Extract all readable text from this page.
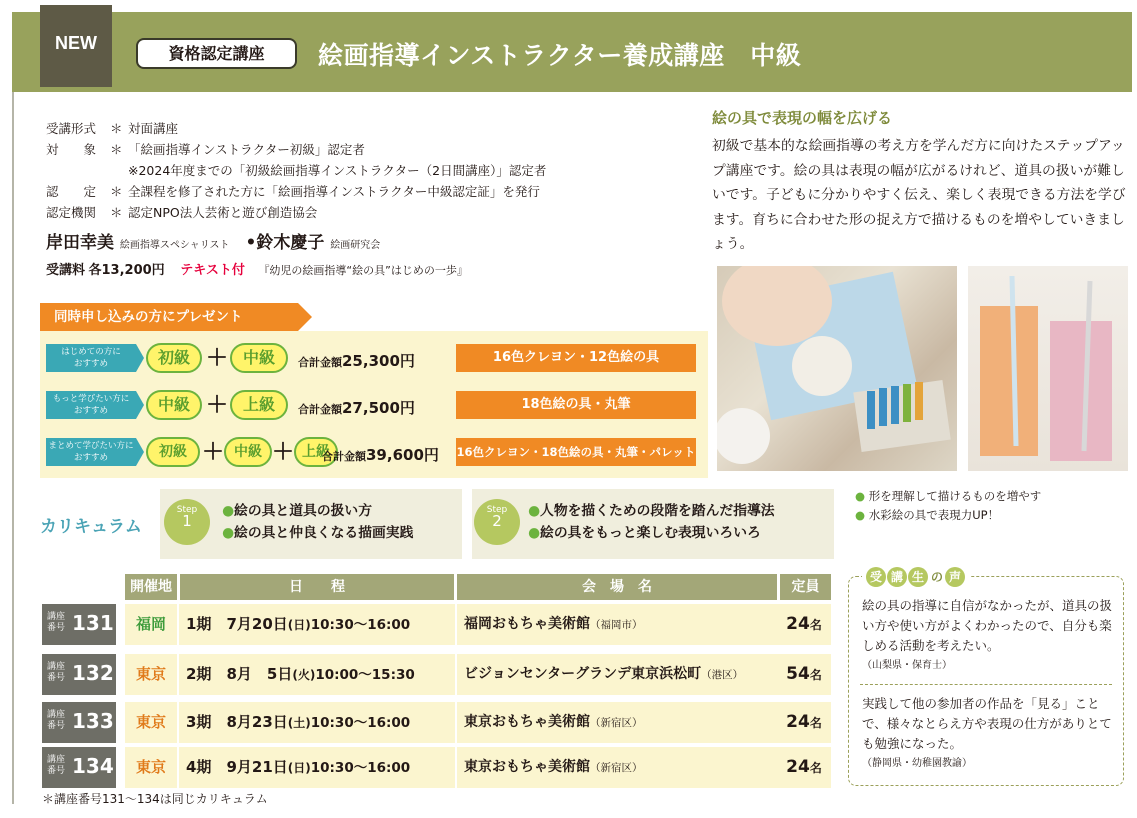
NEW
資格認定講座	絵画指導インストラクター養成講座　中級
受講形式	＊ 対面講座
対　　象	＊ 「絵画指導インストラクター初級」認定者
※2024年度までの「初級絵画指導インストラクター（2日間講座）」認定者
認　　定	＊ 全課程を修了された方に「絵画指導インストラクター中級認定証」を発行
認定機関	＊ 認定NPO法人芸術と遊び創造協会
岸田幸美 絵画指導スペシャリスト •鈴木慶子 絵画研究会
受講料 各13,200円 テキスト付 『幼児の絵画指導“絵の具”はじめの一歩』
同時申し込みの方にプレゼント
はじめての方に
おすすめ	初級 ＋ 中級	合計金額25,300円	16色クレヨン・12色絵の具
もっと学びたい方に
おすすめ	中級 ＋ 上級	合計金額27,500円	18色絵の具・丸筆
まとめて学びたい方に
おすすめ	初級 ＋ 中級 ＋ 上級
合計金額39,600円 16色クレヨン・18色絵の具・丸筆・パレット
絵の具で表現の幅を広げる
初級で基本的な絵画指導の考え方を学んだ方に向けたステップアップ講座です。絵の具は表現の幅が広がるけれど、道具の扱いが難しいです。子どもに分かりやすく伝え、楽しく表現できる方法を学びます。育ちに合わせた形の捉え方で描けるものを増やしていきましょう。
● 形を理解して描けるものを増やす
● 水彩絵の具で表現力UP！
カリキュラム
Step
1
●絵の具と道具の扱い方
●絵の具と仲良くなる描画実践
Step
2
●人物を描くための段階を踏んだ指導法
●絵の具をもっと楽しむ表現いろいろ
開催地	日　　程	会　場　名	定員
講座
番号 131	福岡	1期　 7月20日(日)10:30〜16:00	福岡おもちゃ美術館（福岡市）	24名
講座
番号 132	東京	2期　 8月　5日(火)10:00〜15:30	ビジョンセンターグランデ東京浜松町（港区）	54名
講座
番号 133	東京	3期　 8月23日(土)10:30〜16:00	東京おもちゃ美術館（新宿区）	24名
講座
番号 134	東京	4期　 9月21日(日)10:30〜16:00	東京おもちゃ美術館（新宿区）	24名
＊講座番号131〜134は同じカリキュラム
受 講 生 の 声
絵の具の指導に自信がなかったが、道具の扱い方や使い方がよくわかったので、自分も楽しめる活動を考えたい。
（山梨県・保育士）
実践して他の参加者の作品を「見る」ことで、様々なとらえ方や表現の仕方がありとても勉強になった。
（静岡県・幼稚園教諭）
